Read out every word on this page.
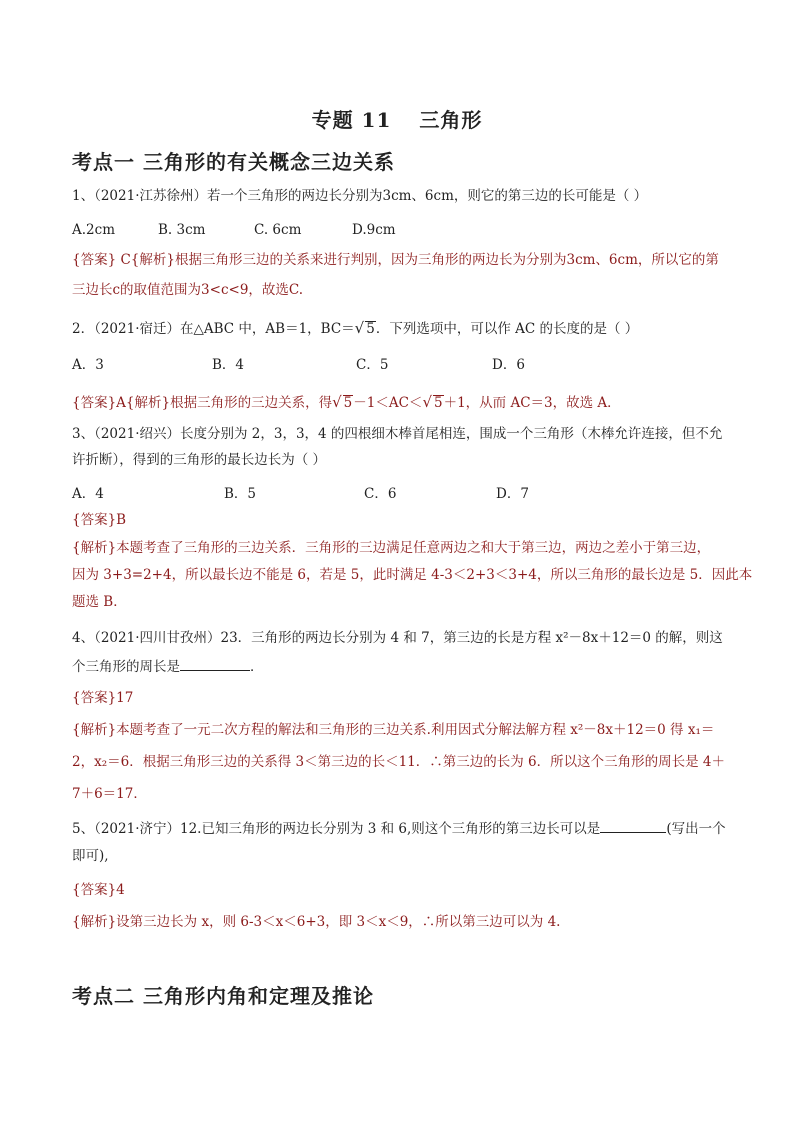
专题 11 三角形
考点一 三角形的有关概念三边关系
1、（2021·江苏徐州）若一个三角形的两边长分别为3cm、6cm，则它的第三边的长可能是（ ）
A.2cm	B. 3cm	C. 6cm	D.9cm
{答案} C{解析}根据三角形三边的关系来进行判别，因为三角形的两边长为分别为3cm、6cm，所以它的第
三边长c的取值范围为3<c<9，故选C.
2．（2021·宿迁）在△ABC 中，AB＝1，BC＝√ 5．下列选项中，可以作 AC 的长度的是（ ）
A．3	B．4	C．5	D．6
{答案}A{解析}根据三角形的三边关系，得√ 5－1＜AC＜√ 5＋1，从而 AC＝3，故选 A．
3、（2021·绍兴）长度分别为 2，3，3，4 的四根细木棒首尾相连，围成一个三角形（木棒允许连接，但不允
许折断），得到的三角形的最长边长为（ ）
A．4	B．5	C．6	D．7
{答案}B
{解析}本题考查了三角形的三边关系．三角形的三边满足任意两边之和大于第三边，两边之差小于第三边，
因为 3+3=2+4，所以最长边不能是 6，若是 5，此时满足 4-3＜2+3＜3+4，所以三角形的最长边是 5．因此本
题选 B．
4、（2021·四川甘孜州）23．三角形的两边长分别为 4 和 7，第三边的长是方程 x²－8x＋12＝0 的解，则这
个三角形的周长是	．
{答案}17
{解析}本题考查了一元二次方程的解法和三角形的三边关系.利用因式分解法解方程 x²－8x＋12＝0 得 x₁＝
2，x₂＝6．根据三角形三边的关系得 3＜第三边的长＜11．∴第三边的长为 6．所以这个三角形的周长是 4＋
7＋6＝17．
5、（2021·济宁）12.已知三角形的两边长分别为 3 和 6,则这个三角形的第三边长可以是	(写出一个
即可),
{答案}4
{解析}设第三边长为 x，则 6-3＜x＜6+3，即 3＜x＜9，∴所以第三边可以为 4.
考点二 三角形内角和定理及推论
